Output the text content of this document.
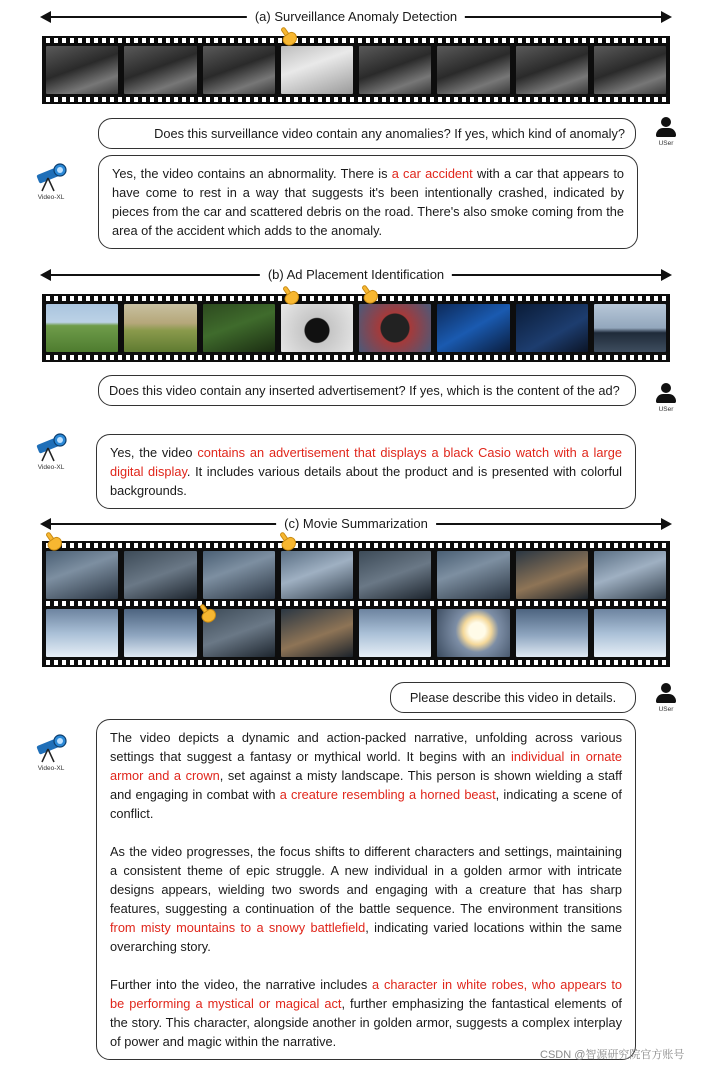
(a) Surveillance Anomaly Detection
Does this surveillance video contain any anomalies? If yes, which kind of anomaly?
USer
Video-XL
Yes, the video contains an abnormality. There is a car accident with a car that appears to have come to rest in a way that suggests it's been intentionally crashed, indicated by pieces from the car and scattered debris on the road. There's also smoke coming from the area of the accident which adds to the anomaly.
(b) Ad Placement Identification
Does this video contain any inserted advertisement? If yes, which is the content of the ad?
USer
Video-XL
Yes, the video contains an advertisement that displays a black Casio watch with a large digital display. It includes various details about the product and is presented with colorful backgrounds.
(c) Movie Summarization
Please describe this video in details.
USer
Video-XL
The video depicts a dynamic and action-packed narrative, unfolding across various settings that suggest a fantasy or mythical world. It begins with an individual in ornate armor and a crown, set against a misty landscape. This person is shown wielding a staff and engaging in combat with a creature resembling a horned beast, indicating a scene of conflict.
As the video progresses, the focus shifts to different characters and settings, maintaining a consistent theme of epic struggle. A new individual in a golden armor with intricate designs appears, wielding two swords and engaging with a creature that has sharp features, suggesting a continuation of the battle sequence. The environment transitions from misty mountains to a snowy battlefield, indicating varied locations within the same overarching story.
Further into the video, the narrative includes a character in white robes, who appears to be performing a mystical or magical act, further emphasizing the fantastical elements of the story. This character, alongside another in golden armor, suggests a complex interplay of power and magic within the narrative.
CSDN @智源研究院官方账号
